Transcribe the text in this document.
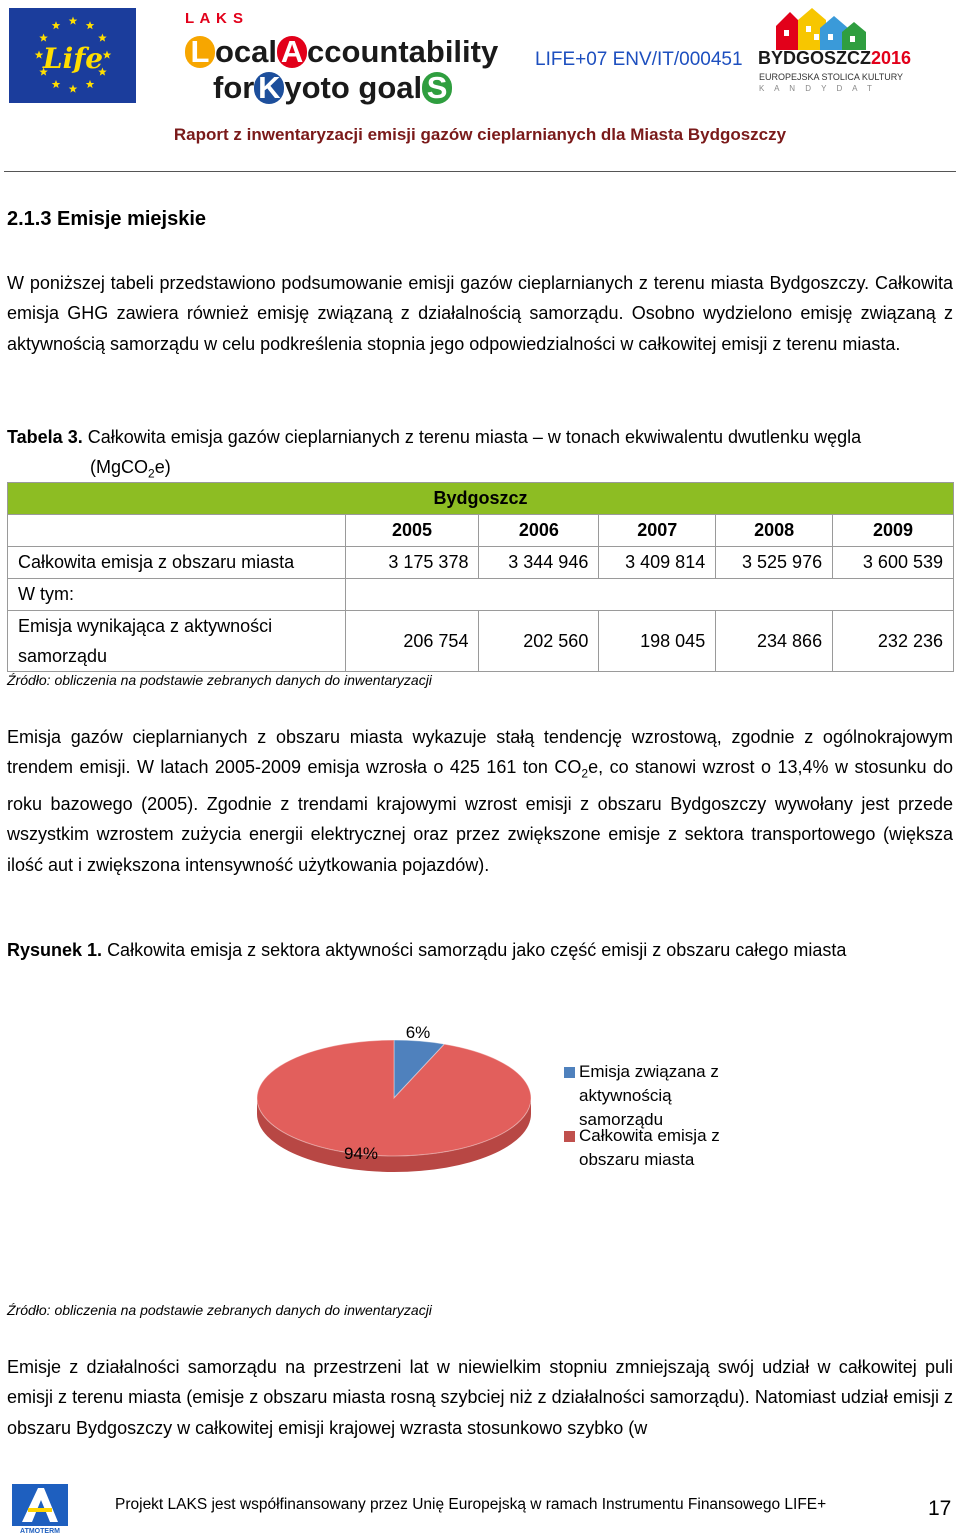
Life
L A K S
L ocal A ccountability
for K yoto goal S
LIFE+07 ENV/IT/000451 BYDGOSZCZ2016
EUROPEJSKA STOLICA KULTURY
K A N D Y D A T
Raport z inwentaryzacji emisji gazów cieplarnianych dla Miasta Bydgoszczy
2.1.3 Emisje miejskie
W poniższej tabeli przedstawiono podsumowanie emisji gazów cieplarnianych z terenu miasta Bydgoszczy. Całkowita emisja GHG zawiera również emisję związaną z działalnością samorządu. Osobno wydzielono emisję związaną z aktywnością samorządu w celu podkreślenia stopnia jego odpowiedzialności w całkowitej emisji z terenu miasta.
Tabela 3. Całkowita emisja gazów cieplarnianych z terenu miasta – w tonach ekwiwalentu dwutlenku węgla
(MgCO$_2$e)
Bydgoszcz					
	2005	2006	2007	2008	2009
Całkowita emisja z obszaru miasta	3 175 378	3 344 946	3 409 814	3 525 976	3 600 539
W tym:					
Emisja wynikająca z aktywności
samorządu	206 754	202 560	198 045	234 866	232 236
Źródło: obliczenia na podstawie zebranych danych do inwentaryzacji
Emisja gazów cieplarnianych z obszaru miasta wykazuje stałą tendencję wzrostową, zgodnie z ogólnokrajowym trendem emisji. W latach 2005-2009 emisja wzrosła o 425 161 ton $CO_2e$, co stanowi wzrost o 13,4% w stosunku do roku bazowego (2005). Zgodnie z trendami krajowymi wzrost emisji z obszaru Bydgoszczy wywołany jest przede wszystkim wzrostem zużycia energii elektrycznej oraz przez zwiększone emisje z sektora transportowego (większa ilość aut i zwiększona intensywność użytkowania pojazdów).
Rysunek 1. Całkowita emisja z sektora aktywności samorządu jako część emisji z obszaru całego miasta
6%
94%
Emisja związana z
aktywnością
samorządu
Całkowita emisja z
obszaru miasta
Źródło: obliczenia na podstawie zebranych danych do inwentaryzacji
Emisje z działalności samorządu na przestrzeni lat w niewielkim stopniu zmniejszają swój udział w całkowitej puli emisji z terenu miasta (emisje z obszaru miasta rosną szybciej niż z działalności samorządu). Natomiast udział emisji z obszaru Bydgoszczy w całkowitej emisji krajowej wzrasta stosunkowo szybko (w
ATMOTERM
Projekt LAKS jest współfinansowany przez Unię Europejską w ramach Instrumentu Finansowego LIFE+	17
